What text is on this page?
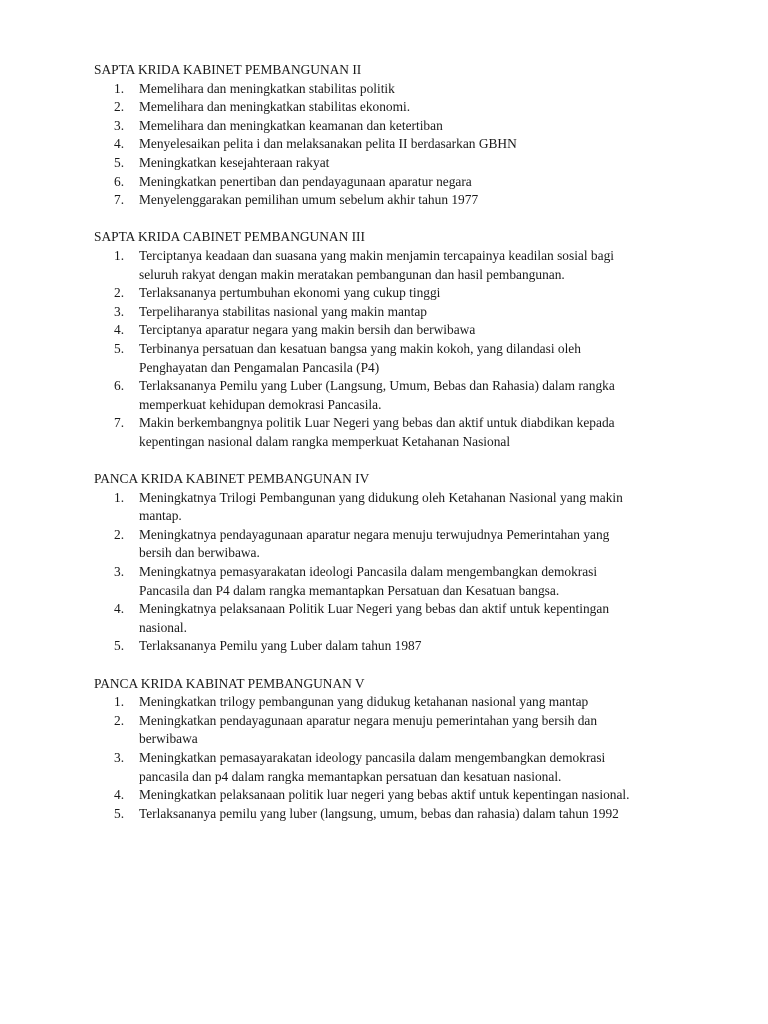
SAPTA KRIDA KABINET PEMBANGUNAN II
1.	Memelihara dan meningkatkan stabilitas politik
2.	Memelihara dan meningkatkan stabilitas ekonomi.
3.	Memelihara dan meningkatkan keamanan dan ketertiban
4.	Menyelesaikan pelita i dan melaksanakan pelita II berdasarkan GBHN
5.	Meningkatkan kesejahteraan rakyat
6.	Meningkatkan penertiban dan pendayagunaan aparatur negara
7.	Menyelenggarakan pemilihan umum sebelum akhir tahun 1977
SAPTA KRIDA CABINET PEMBANGUNAN III
1.	Terciptanya keadaan dan suasana yang makin menjamin tercapainya keadilan sosial bagi
seluruh rakyat dengan makin meratakan pembangunan dan hasil pembangunan.
2.	Terlaksananya pertumbuhan ekonomi yang cukup tinggi
3.	Terpeliharanya stabilitas nasional yang makin mantap
4.	Terciptanya aparatur negara yang makin bersih dan berwibawa
5.	Terbinanya persatuan dan kesatuan bangsa yang makin kokoh, yang dilandasi oleh
Penghayatan dan Pengamalan Pancasila (P4)
6.	Terlaksananya Pemilu yang Luber (Langsung, Umum, Bebas dan Rahasia) dalam rangka
memperkuat kehidupan demokrasi Pancasila.
7.	Makin berkembangnya politik Luar Negeri yang bebas dan aktif untuk diabdikan kepada
kepentingan nasional dalam rangka memperkuat Ketahanan Nasional
PANCA KRIDA KABINET PEMBANGUNAN IV
1.	Meningkatnya Trilogi Pembangunan yang didukung oleh Ketahanan Nasional yang makin
mantap.
2.	Meningkatnya pendayagunaan aparatur negara menuju terwujudnya Pemerintahan yang
bersih dan berwibawa.
3.	Meningkatnya pemasyarakatan ideologi Pancasila dalam mengembangkan demokrasi
Pancasila dan P4 dalam rangka memantapkan Persatuan dan Kesatuan bangsa.
4.	Meningkatnya pelaksanaan Politik Luar Negeri yang bebas dan aktif untuk kepentingan
nasional.
5.	Terlaksananya Pemilu yang Luber dalam tahun 1987
PANCA KRIDA KABINAT PEMBANGUNAN V
1.	Meningkatkan trilogy pembangunan yang didukug ketahanan nasional yang mantap
2.	Meningkatkan pendayagunaan aparatur negara menuju pemerintahan yang bersih dan
berwibawa
3.	Meningkatkan pemasayarakatan ideology pancasila dalam mengembangkan demokrasi
pancasila dan p4 dalam rangka memantapkan persatuan dan kesatuan nasional.
4.	Meningkatkan pelaksanaan politik luar negeri yang bebas aktif untuk kepentingan nasional.
5.	Terlaksananya pemilu yang luber (langsung, umum, bebas dan rahasia) dalam tahun 1992
